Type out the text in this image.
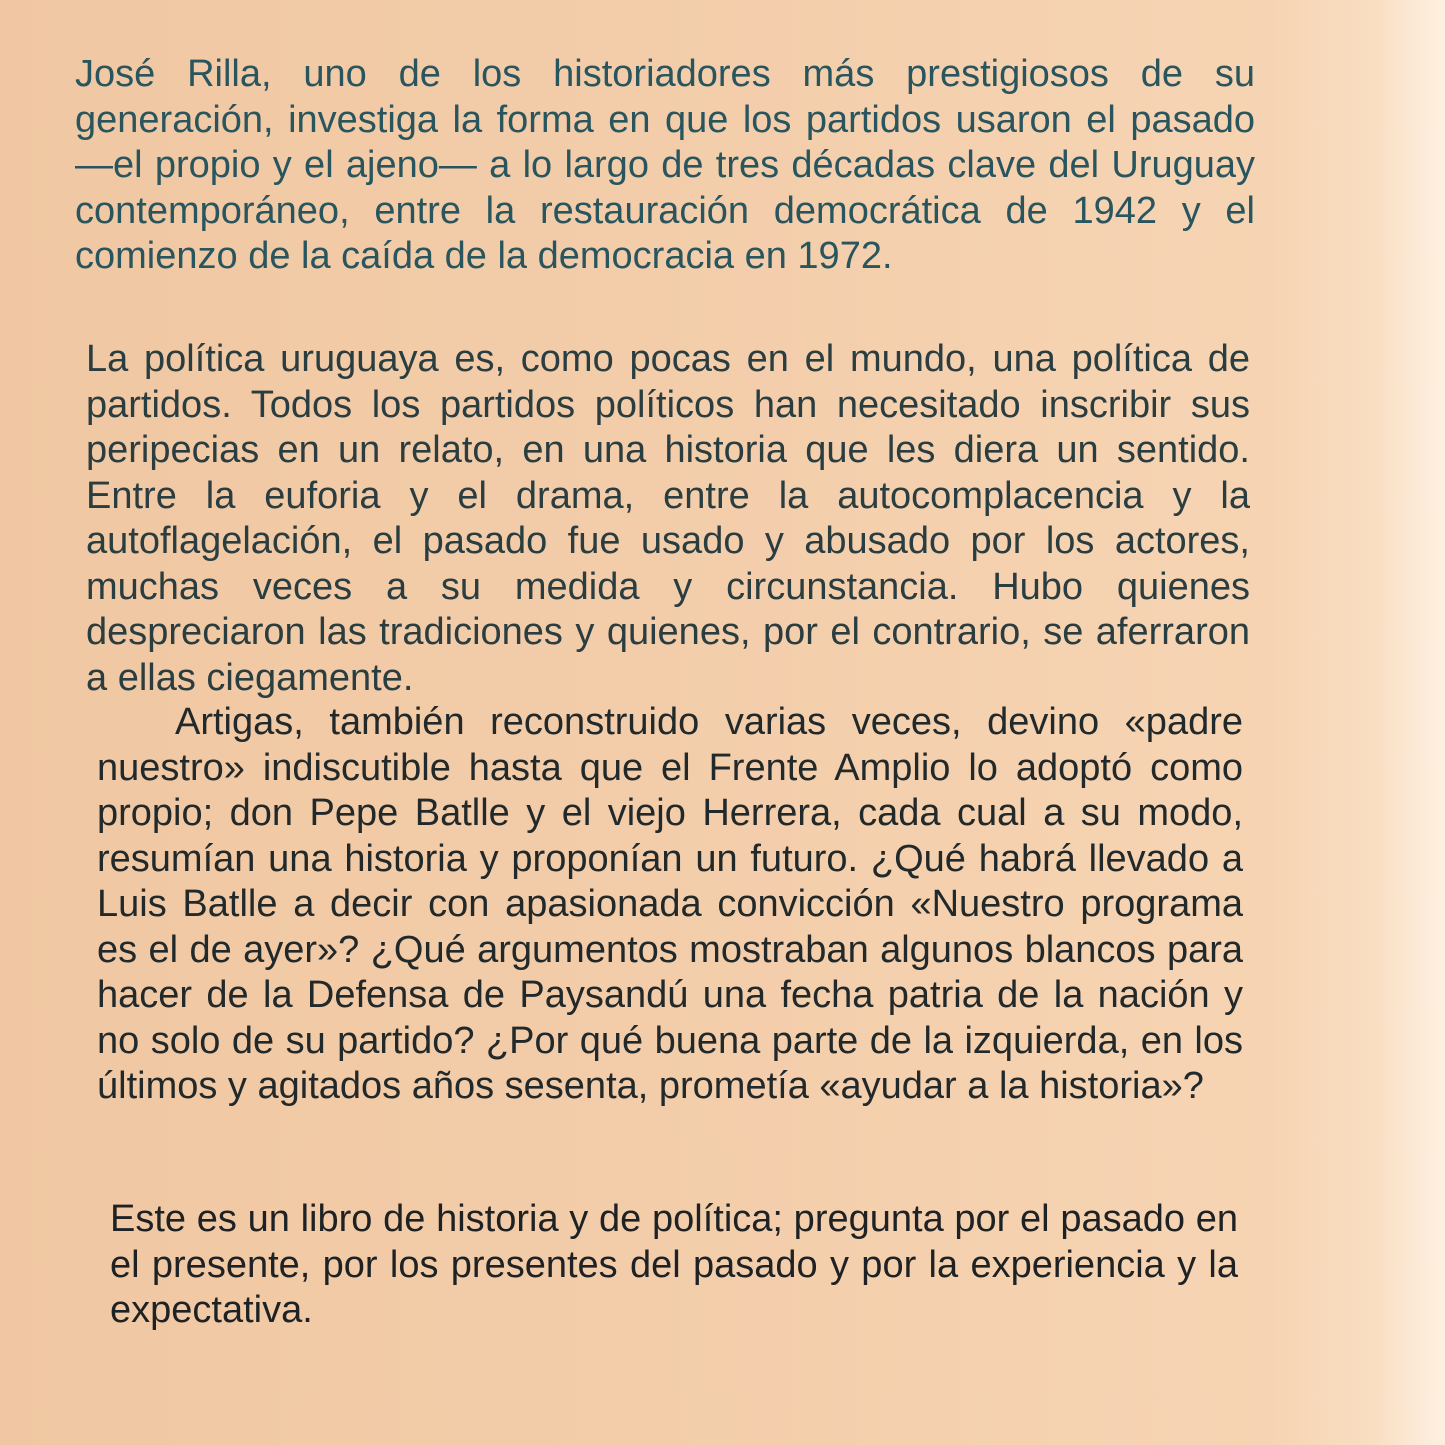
José Rilla, uno de los historiadores más prestigiosos de su generación, investiga la forma en que los partidos usaron el pasado —el propio y el ajeno— a lo largo de tres décadas clave del Uruguay contemporáneo, entre la restauración democrática de 1942 y el comienzo de la caída de la democracia en 1972.

La política uruguaya es, como pocas en el mundo, una política de partidos. Todos los partidos políticos han necesitado inscribir sus peripecias en un relato, en una historia que les diera un sentido. Entre la euforia y el drama, entre la autocomplacencia y la autoflagelación, el pasado fue usado y abusado por los actores, muchas veces a su medida y circunstancia. Hubo quienes despreciaron las tradiciones y quienes, por el contrario, se aferraron a ellas ciegamente.

Artigas, también reconstruido varias veces, devino «padre nuestro» indiscutible hasta que el Frente Amplio lo adoptó como propio; don Pepe Batlle y el viejo Herrera, cada cual a su modo, resumían una historia y proponían un futuro. ¿Qué habrá llevado a Luis Batlle a decir con apasionada convicción «Nuestro programa es el de ayer»? ¿Qué argumentos mostraban algunos blancos para hacer de la Defensa de Paysandú una fecha patria de la nación y no solo de su partido? ¿Por qué buena parte de la izquierda, en los últimos y agitados años sesenta, prometía «ayudar a la historia»?

Este es un libro de historia y de política; pregunta por el pasado en el presente, por los presentes del pasado y por la experiencia y la expectativa.
